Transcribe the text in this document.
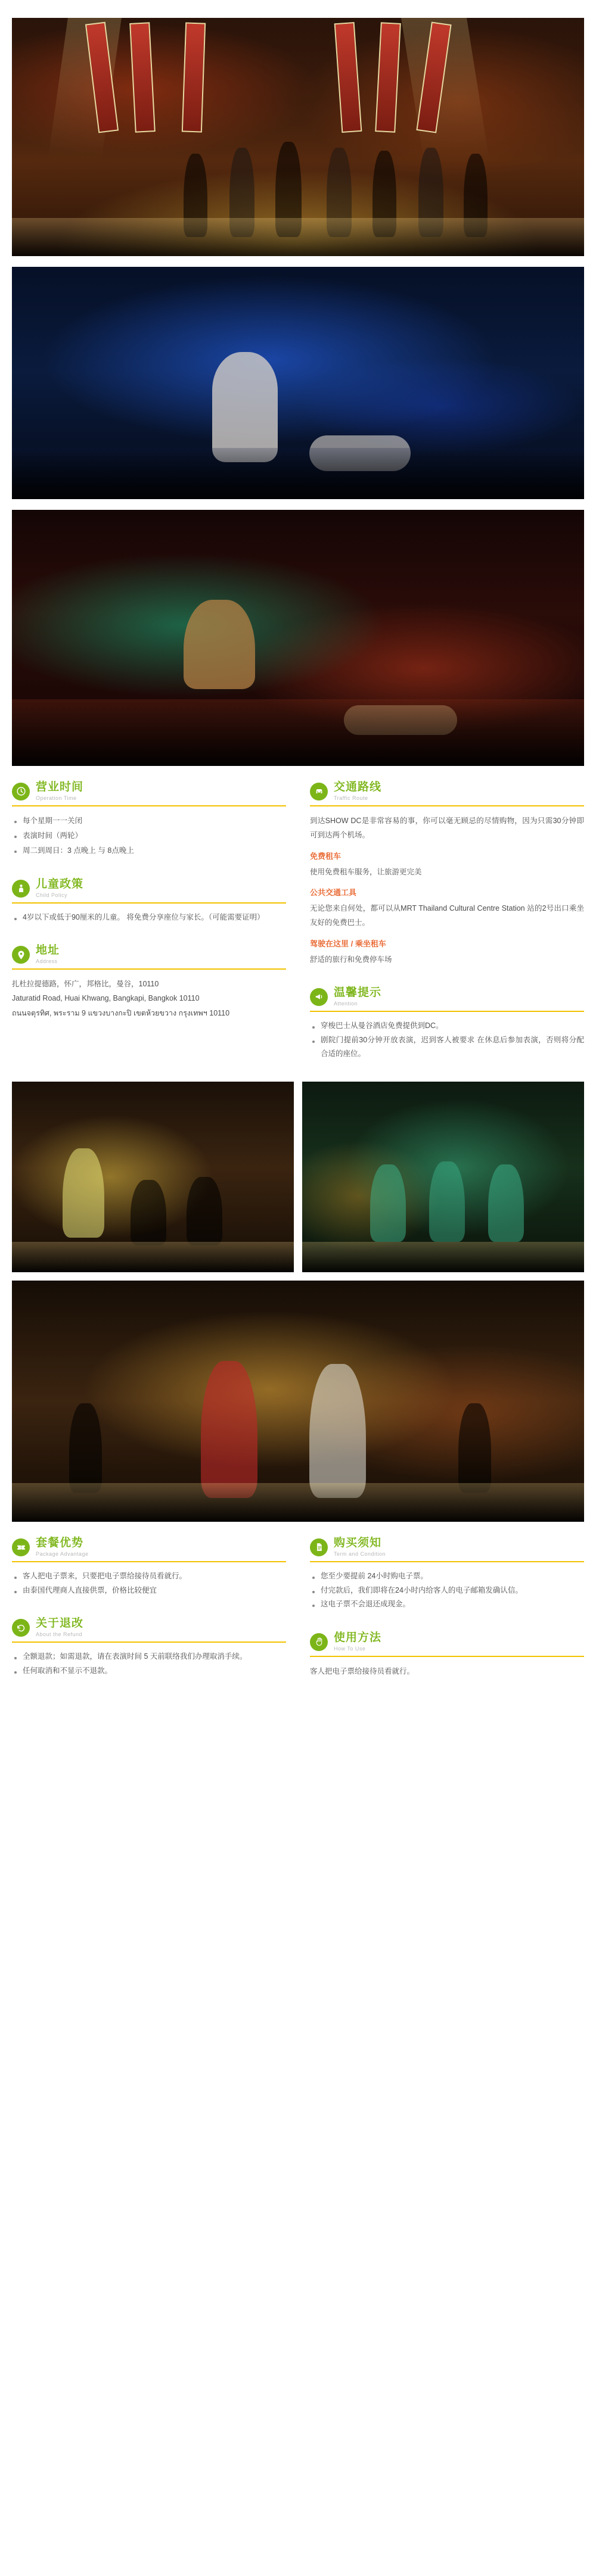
营业时间
Operation Time
每个星期一一关闭
表演时间（两轮）
周二到周日：3 点晚上 与 8点晚上
儿童政策
Child Policy
4岁以下或低于90厘米的儿童。 将免费分享座位与家长。（可能需要证明）
地址
Address

扎杜拉提德路，怀广，邦格比，曼谷，10110

Jaturatid Road, Huai Khwang, Bangkapi, Bangkok 10110

ถนนจตุรทิศ, พระราม 9 แขวงบางกะปิ เขตห้วยขวาง กรุงเทพฯ 10110

交通路线
Traffic Route

到达SHOW DC是非常容易的事，你可以毫无顾忌的尽情购物，因为只需30分钟即可到达两个机场。

免费租车

使用免费租车服务，让旅游更完美

公共交通工具

无论您来自何处，都可以从MRT Thailand Cultural Centre Station 站的2号出口乘坐友好的免费巴士。

驾驶在这里 / 乘坐租车

舒适的旅行和免费停车场

温馨提示
Attention
穿梭巴士从曼谷酒店免费提供到DC。
剧院门提前30分钟开放表演，迟到客人被要求 在休息后参加表演，否则将分配合适的座位。
套餐优势
Package Advantage
客人把电子票来，只要把电子票给接待员看就行。
由泰国代理商人直接供票，价格比较便宜
关于退改
About the Refund
全额退款；如需退款，请在表演时间 5 天前联络我们办理取消手续。
任何取消和不显示不退款。
购买须知
Term and Condition
您至少要提前 24小时购电子票。
付完款后，我们即将在24小时内给客人的电子邮箱发确认信。
这电子票不会退还成现金。
使用方法
How To Use

客人把电子票给接待员看就行。
